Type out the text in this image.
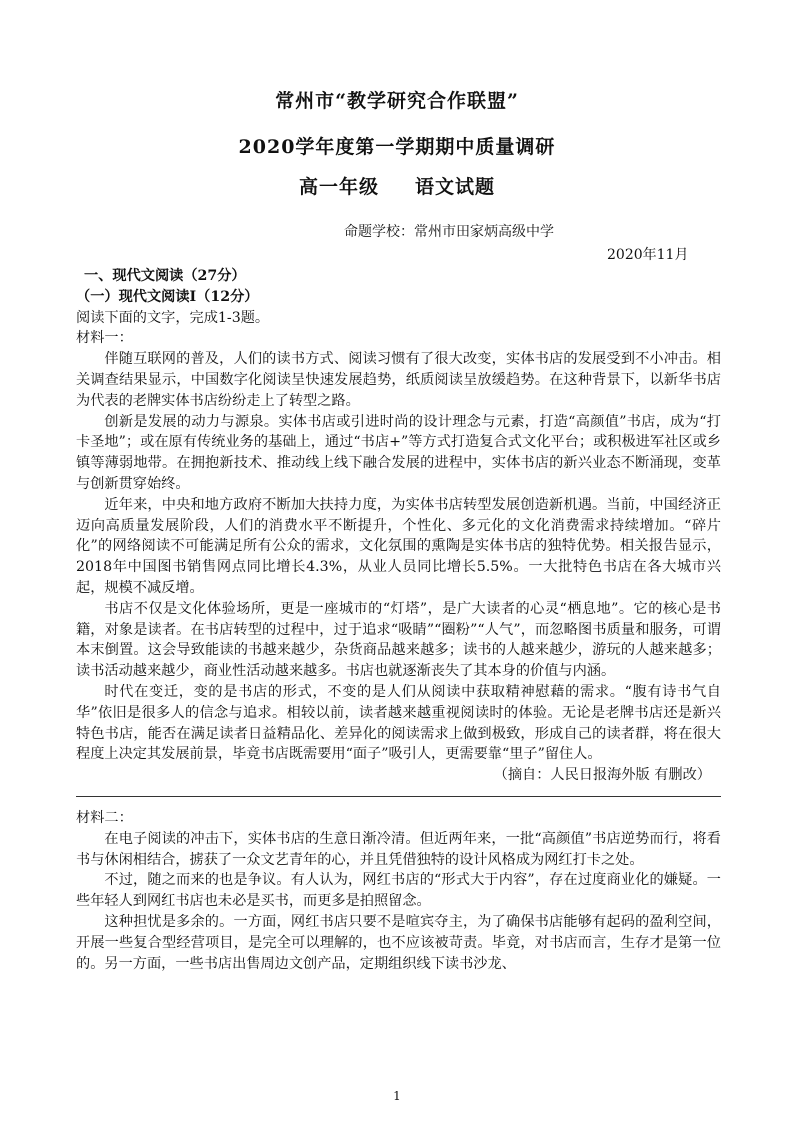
常州市“教学研究合作联盟”
2020学年度第一学期期中质量调研
高一年级 语文试题
命题学校：常州市田家炳高级中学
2020年11月

一、现代文阅读（27分）

（一）现代文阅读Ⅰ（12分）

阅读下面的文字，完成1-3题。

材料一：

伴随互联网的普及，人们的读书方式、阅读习惯有了很大改变，实体书店的发展受到不小冲击。相关调查结果显示，中国数字化阅读呈快速发展趋势，纸质阅读呈放缓趋势。在这种背景下，以新华书店为代表的老牌实体书店纷纷走上了转型之路。

创新是发展的动力与源泉。实体书店或引进时尚的设计理念与元素，打造“高颜值”书店，成为“打卡圣地”；或在原有传统业务的基础上，通过“书店+”等方式打造复合式文化平台；或积极进军社区或乡镇等薄弱地带。在拥抱新技术、推动线上线下融合发展的进程中，实体书店的新兴业态不断涌现，变革与创新贯穿始终。

近年来，中央和地方政府不断加大扶持力度，为实体书店转型发展创造新机遇。当前，中国经济正迈向高质量发展阶段，人们的消费水平不断提升，个性化、多元化的文化消费需求持续增加。“碎片化”的网络阅读不可能满足所有公众的需求，文化氛围的熏陶是实体书店的独特优势。相关报告显示，2018年中国图书销售网点同比增长4.3%，从业人员同比增长5.5%。一大批特色书店在各大城市兴起，规模不减反增。

书店不仅是文化体验场所，更是一座城市的“灯塔”，是广大读者的心灵“栖息地”。它的核心是书籍，对象是读者。在书店转型的过程中，过于追求“吸睛”“圈粉”“人气”，而忽略图书质量和服务，可谓本末倒置。这会导致能读的书越来越少，杂货商品越来越多；读书的人越来越少，游玩的人越来越多；读书活动越来越少，商业性活动越来越多。书店也就逐渐丧失了其本身的价值与内涵。

时代在变迁，变的是书店的形式，不变的是人们从阅读中获取精神慰藉的需求。“腹有诗书气自华”依旧是很多人的信念与追求。相较以前，读者越来越重视阅读时的体验。无论是老牌书店还是新兴特色书店，能否在满足读者日益精品化、差异化的阅读需求上做到极致，形成自己的读者群，将在很大程度上决定其发展前景，毕竟书店既需要用“面子”吸引人，更需要靠“里子”留住人。

（摘自：人民日报海外版 有删改）

材料二：

在电子阅读的冲击下，实体书店的生意日渐冷清。但近两年来，一批“高颜值”书店逆势而行，将看书与休闲相结合，掳获了一众文艺青年的心，并且凭借独特的设计风格成为网红打卡之处。

不过，随之而来的也是争议。有人认为，网红书店的“形式大于内容”，存在过度商业化的嫌疑。一些年轻人到网红书店也未必是买书，而更多是拍照留念。

这种担忧是多余的。一方面，网红书店只要不是喧宾夺主，为了确保书店能够有起码的盈利空间，开展一些复合型经营项目，是完全可以理解的，也不应该被苛责。毕竟，对书店而言，生存才是第一位的。另一方面，一些书店出售周边文创产品，定期组织线下读书沙龙、

1
